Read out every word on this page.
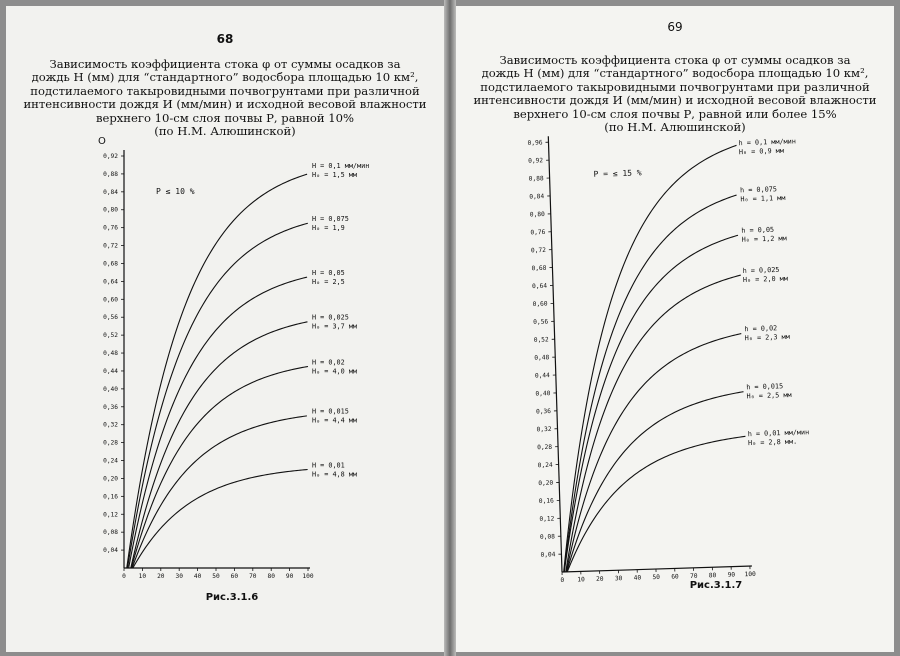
68
Зависимость коэффициента стока φ от суммы осадков за
дождь Н (мм) для “стандартного” водосбора площадью 10 км²,
подстилаемого такыровидными почвогрунтами при различной
интенсивности дождя И (мм/мин) и исходной весовой влажности
верхнего 10-см слоя почвы Р, равной 10%
(по Н.М. Алюшинской)
O
0,04
0,08
0,12
0,16
0,20
0,24
0,28
0,32
0,36
0,40
0,44
0,48
0,52
0,56
0,60
0,64
0,68
0,72
0,76
0,80
0,84
0,88
0,92
0 10 20 30 40 50 60 70 80 90 100
P ≤ 10 %
H = 0,1 мм/мин
H₀ = 1,5 мм
H = 0,075
H₀ = 1,9
H = 0,05
H₀ = 2,5
H = 0,025
H₀ = 3,7 мм
H = 0,02
H₀ = 4,0 мм
H = 0,015
H₀ = 4,4 мм
H = 0,01
H₀ = 4,8 мм
Рис.3.1.6
69
Зависимость коэффициента стока φ от суммы осадков за
дождь Н (мм) для “стандартного” водосбора площадью 10 км²,
подстилаемого такыровидными почвогрунтами при различной
интенсивности дождя И (мм/мин) и исходной весовой влажности
верхнего 10-см слоя почвы Р, равной или более 15%
(по Н.М. Алюшинской)
0,04
0,08
0,12
0,16
0,20
0,24
0,28
0,32
0,36
0,40
0,44
0,48
0,52
0,56
0,60
0,64
0,68
0,72
0,76
0,80
0,84
0,88
0,92
0,96
0 10 20 30 40 50 60 70 80 90 100
P = ≤ 15 %
h = 0,1 мм/мин
H₀ = 0,9 мм
h = 0,075
H₀ = 1,1 мм
h = 0,05
H₀ = 1,2 мм
h = 0,025
H₀ = 2,0 мм
h = 0,02
H₀ = 2,3 мм
h = 0,015
H₀ = 2,5 мм
h = 0,01 мм/мин
H₀ = 2,8 мм.
Рис.3.1.7
